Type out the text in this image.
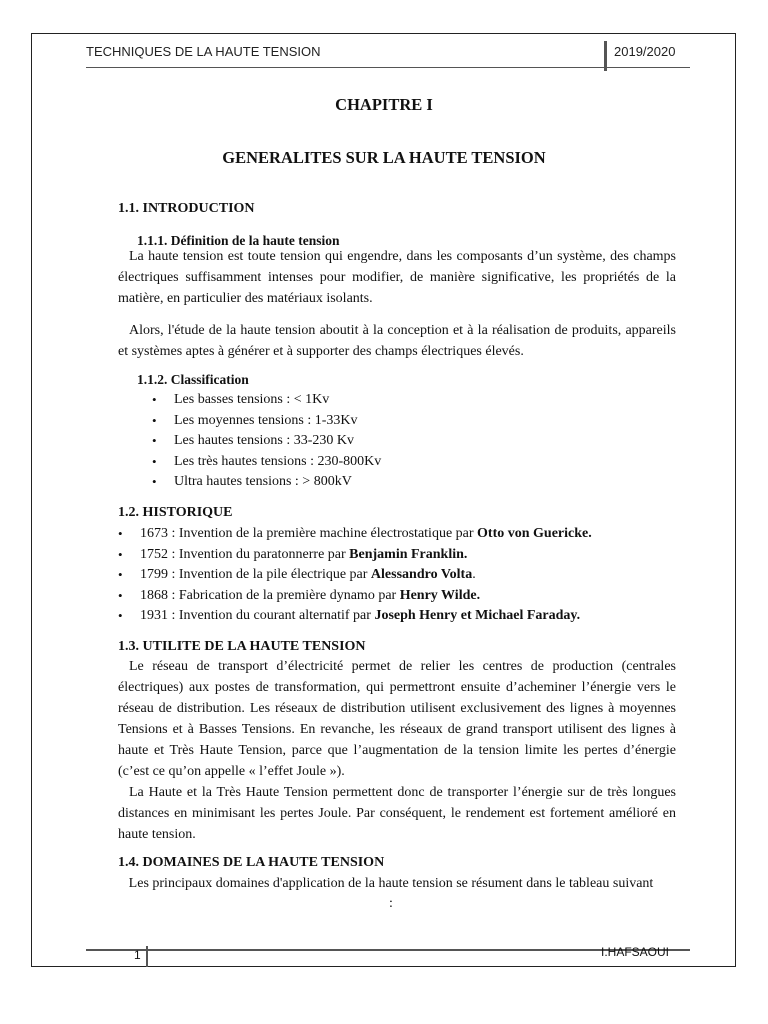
TECHNIQUES DE LA HAUTE TENSION	2019/2020
CHAPITRE I
GENERALITES SUR LA HAUTE TENSION
1.1. INTRODUCTION
1.1.1. Définition de la haute tension
La haute tension est toute tension qui engendre, dans les composants d’un système, des champs électriques suffisamment intenses pour modifier, de manière significative, les propriétés de la matière, en particulier des matériaux isolants.
Alors, l'étude de la haute tension aboutit à la conception et à la réalisation de produits, appareils et systèmes aptes à générer et à supporter des champs électriques élevés.
1.1.2. Classification
• Les basses tensions : < 1Kv
• Les moyennes tensions : 1-33Kv
• Les hautes tensions : 33-230 Kv
• Les très hautes tensions : 230-800Kv
• Ultra hautes tensions : > 800kV
1.2. HISTORIQUE
• 1673 : Invention de la première machine électrostatique par Otto von Guericke.
• 1752 : Invention du paratonnerre par Benjamin Franklin.
• 1799 : Invention de la pile électrique par Alessandro Volta.
• 1868 : Fabrication de la première dynamo par Henry Wilde.
• 1931 : Invention du courant alternatif par Joseph Henry et Michael Faraday.
1.3. UTILITE DE LA HAUTE TENSION
Le réseau de transport d’électricité permet de relier les centres de production (centrales électriques) aux postes de transformation, qui permettront ensuite d’acheminer l’énergie vers le réseau de distribution. Les réseaux de distribution utilisent exclusivement des lignes à moyennes Tensions et à Basses Tensions. En revanche, les réseaux de grand transport utilisent des lignes à haute et Très Haute Tension, parce que l’augmentation de la tension limite les pertes d’énergie (c’est ce qu’on appelle « l’effet Joule »).
La Haute et la Très Haute Tension permettent donc de transporter l’énergie sur de très longues distances en minimisant les pertes Joule. Par conséquent, le rendement est fortement amélioré en haute tension.
1.4. DOMAINES DE LA HAUTE TENSION
Les principaux domaines d'application de la haute tension se résument dans le tableau suivant
:
1	I.HAFSAOUI
